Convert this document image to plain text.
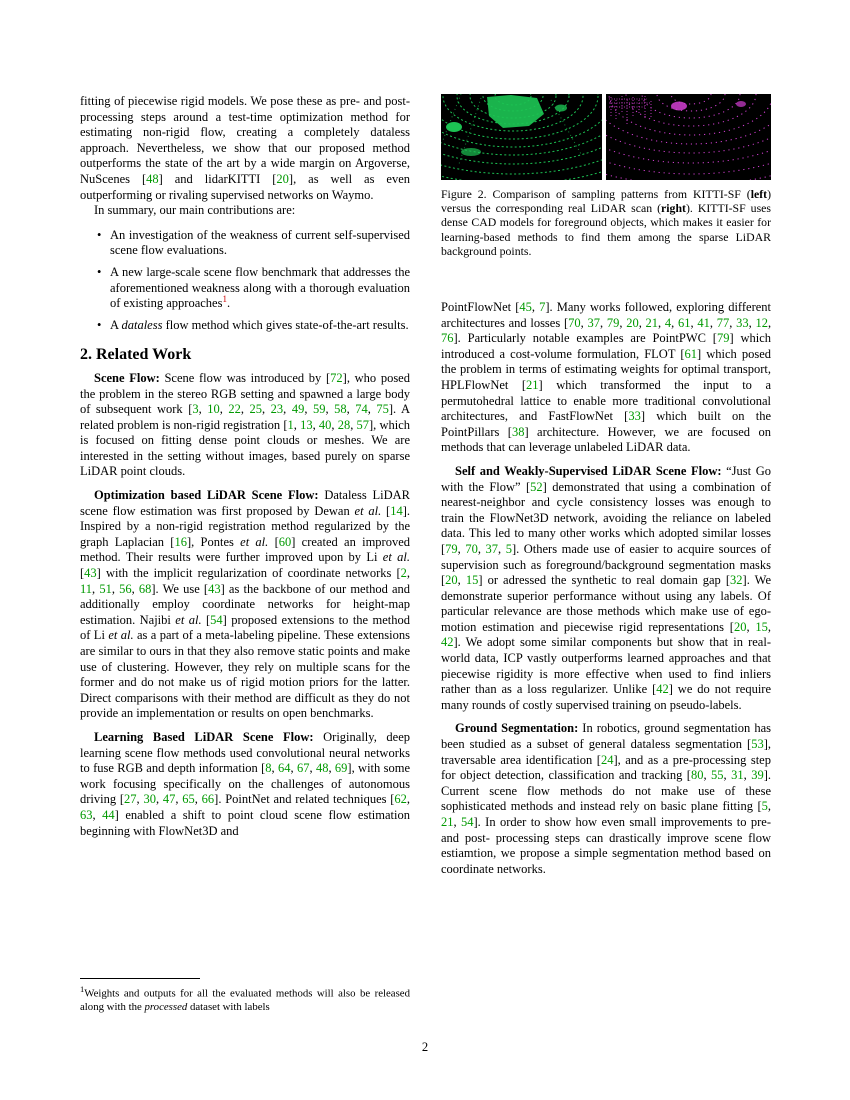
fitting of piecewise rigid models. We pose these as pre- and post-processing steps around a test-time optimization method for estimating non-rigid flow, creating a completely dataless approach. Nevertheless, we show that our proposed method outperforms the state of the art by a wide margin on Argoverse, NuScenes [48] and lidarKITTI [20], as well as even outperforming or rivaling supervised networks on Waymo.

In summary, our main contributions are:

• An investigation of the weakness of current self-supervised scene flow evaluations.
• A new large-scale scene flow benchmark that addresses the aforementioned weakness along with a thorough evaluation of existing approaches$^1$.
• A dataless flow method which gives state-of-the-art results.
2. Related Work

Scene Flow: Scene flow was introduced by [72], who posed the problem in the stereo RGB setting and spawned a large body of subsequent work [3, 10, 22, 25, 23, 49, 59, 58, 74, 75]. A related problem is non-rigid registration [1, 13, 40, 28, 57], which is focused on fitting dense point clouds or meshes. We are interested in the setting without images, based purely on sparse LiDAR point clouds.

Optimization based LiDAR Scene Flow: Dataless LiDAR scene flow estimation was first proposed by Dewan et al. [14]. Inspired by a non-rigid registration method regularized by the graph Laplacian [16], Pontes et al. [60] created an improved method. Their results were further improved upon by Li et al. [43] with the implicit regularization of coordinate networks [2, 11, 51, 56, 68]. We use [43] as the backbone of our method and additionally employ coordinate networks for height-map estimation. Najibi et al. [54] proposed extensions to the method of Li et al. as a part of a meta-labeling pipeline. These extensions are similar to ours in that they also remove static points and make use of clustering. However, they rely on multiple scans for the former and do not make us of rigid motion priors for the latter. Direct comparisons with their method are difficult as they do not provide an implementation or results on open benchmarks.

Learning Based LiDAR Scene Flow: Originally, deep learning scene flow methods used convolutional neural networks to fuse RGB and depth information [8, 64, 67, 48, 69], with some work focusing specifically on the challenges of autonomous driving [27, 30, 47, 65, 66]. PointNet and related techniques [62, 63, 44] enabled a shift to point cloud scene flow estimation beginning with FlowNet3D and

Figure 2. Comparison of sampling patterns from KITTI-SF (left) versus the corresponding real LiDAR scan (right). KITTI-SF uses dense CAD models for foreground objects, which makes it easier for learning-based methods to find them among the sparse LiDAR background points.

PointFlowNet [45, 7]. Many works followed, exploring different architectures and losses [70, 37, 79, 20, 21, 4, 61, 41, 77, 33, 12, 76]. Particularly notable examples are PointPWC [79] which introduced a cost-volume formulation, FLOT [61] which posed the problem in terms of estimating weights for optimal transport, HPLFlowNet [21] which transformed the input to a permutohedral lattice to enable more traditional convolutional architectures, and FastFlowNet [33] which built on the PointPillars [38] architecture. However, we are focused on methods that can leverage unlabeled LiDAR data.

Self and Weakly-Supervised LiDAR Scene Flow: “Just Go with the Flow” [52] demonstrated that using a combination of nearest-neighbor and cycle consistency losses was enough to train the FlowNet3D network, avoiding the reliance on labeled data. This led to many other works which adopted similar losses [79, 70, 37, 5]. Others made use of easier to acquire sources of supervision such as foreground/background segmentation masks [20, 15] or adressed the synthetic to real domain gap [32]. We demonstrate superior performance without using any labels. Of particular relevance are those methods which make use of ego-motion estimation and piecewise rigid representations [20, 15, 42]. We adopt some similar components but show that in real-world data, ICP vastly outperforms learned approaches and that piecewise rigidity is more effective when used to find inliers rather than as a loss regularizer. Unlike [42] we do not require many rounds of costly supervised training on pseudo-labels.

Ground Segmentation: In robotics, ground segmentation has been studied as a subset of general dataless segmentation [53], traversable area identification [24], and as a pre-processing step for object detection, classification and tracking [80, 55, 31, 39]. Current scene flow methods do not make use of these sophisticated methods and instead rely on basic plane fitting [5, 21, 54]. In order to show how even small improvements to pre- and post- processing steps can drastically improve scene flow estiamtion, we propose a simple segmentation method based on coordinate networks.

$^1$Weights and outputs for all the evaluated methods will also be released along with the processed dataset with labels
2
